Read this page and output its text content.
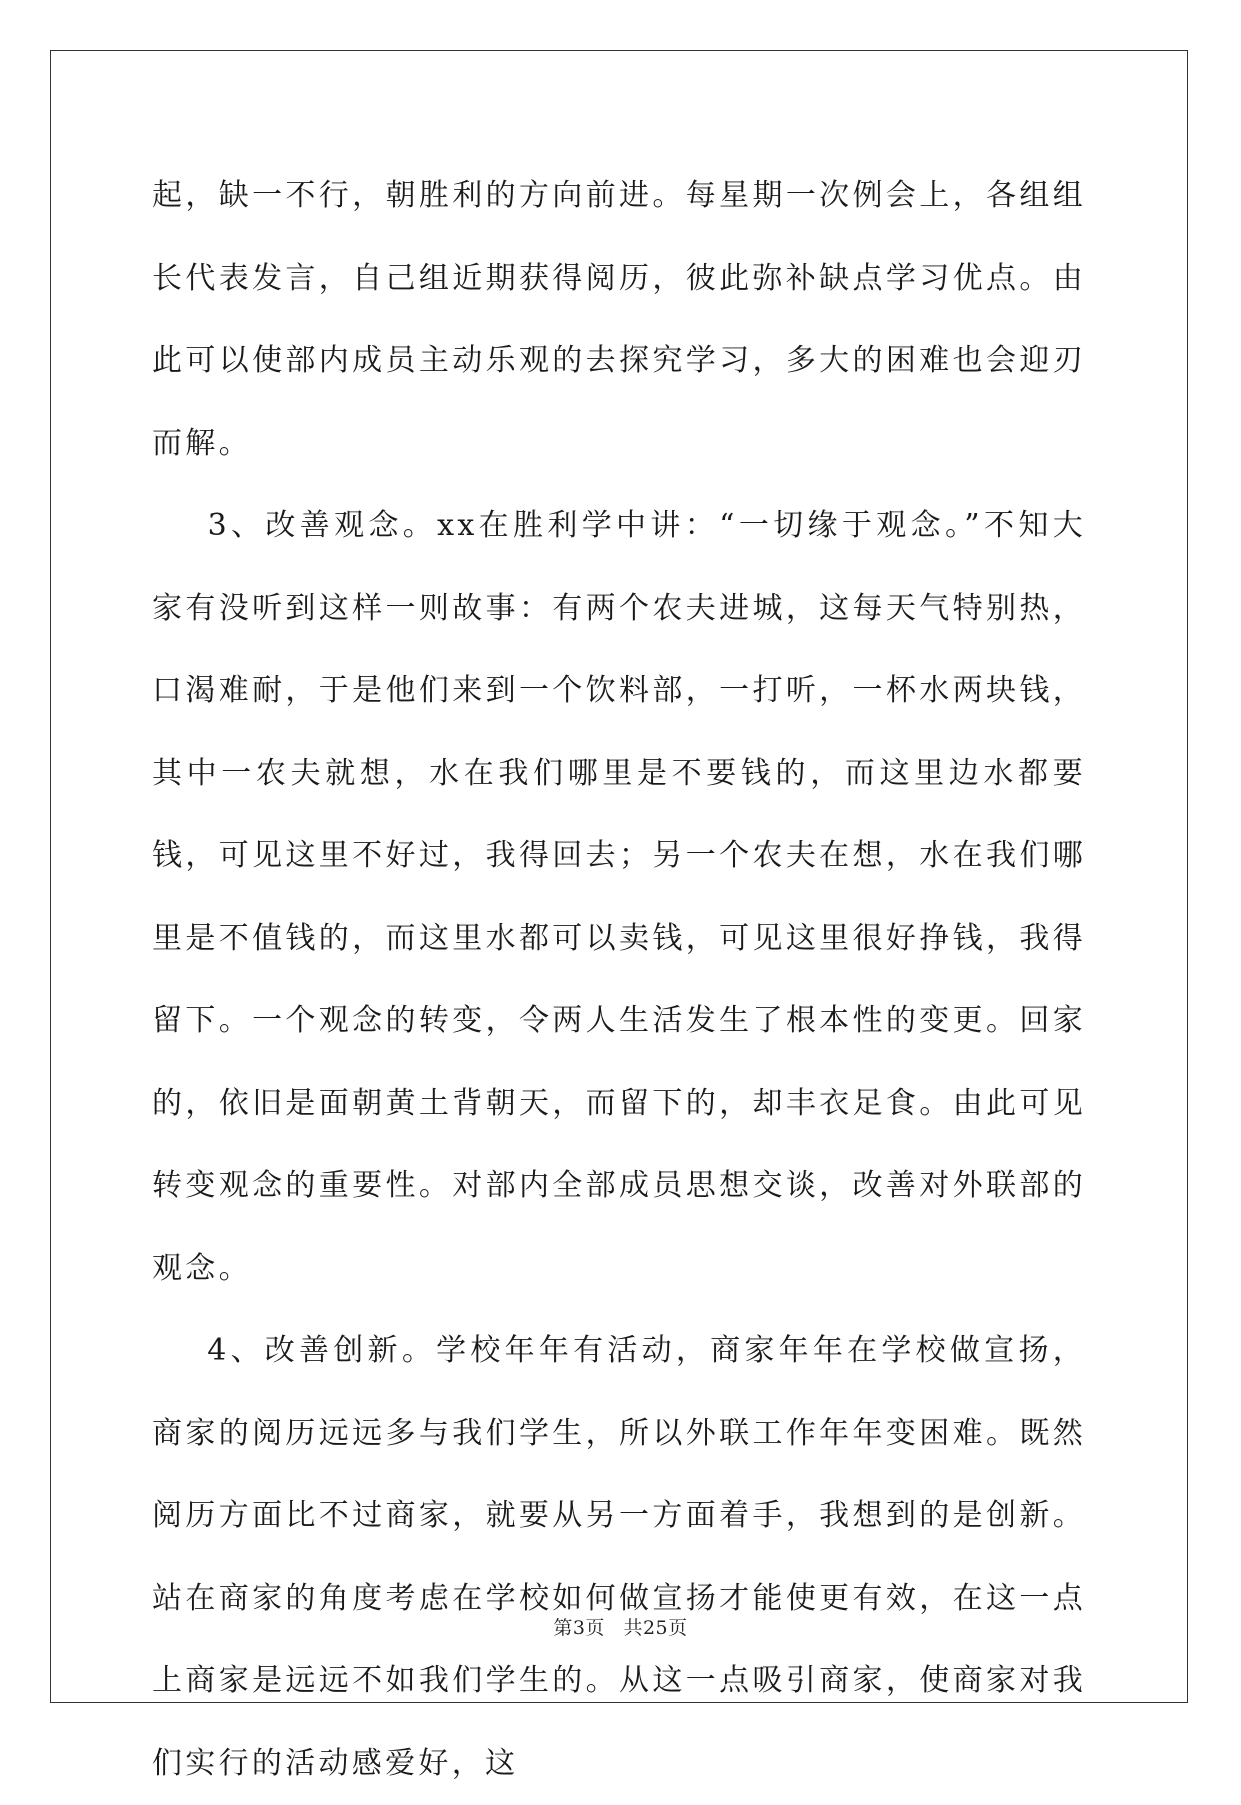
起，缺一不行，朝胜利的方向前进。每星期一次例会上，各组组长代表发言，自己组近期获得阅历，彼此弥补缺点学习优点。由此可以使部内成员主动乐观的去探究学习，多大的困难也会迎刃而解。

3、改善观念。xx在胜利学中讲：“一切缘于观念。”不知大家有没听到这样一则故事：有两个农夫进城，这每天气特别热，口渴难耐，于是他们来到一个饮料部，一打听，一杯水两块钱，其中一农夫就想，水在我们哪里是不要钱的，而这里边水都要钱，可见这里不好过，我得回去；另一个农夫在想，水在我们哪里是不值钱的，而这里水都可以卖钱，可见这里很好挣钱，我得留下。一个观念的转变，令两人生活发生了根本性的变更。回家的，依旧是面朝黄土背朝天，而留下的，却丰衣足食。由此可见转变观念的重要性。对部内全部成员思想交谈，改善对外联部的观念。

4、改善创新。学校年年有活动，商家年年在学校做宣扬，商家的阅历远远多与我们学生，所以外联工作年年变困难。既然阅历方面比不过商家，就要从另一方面着手，我想到的是创新。站在商家的角度考虑在学校如何做宣扬才能使更有效，在这一点上商家是远远不如我们学生的。从这一点吸引商家，使商家对我们实行的活动感爱好，这

第3页 共25页
